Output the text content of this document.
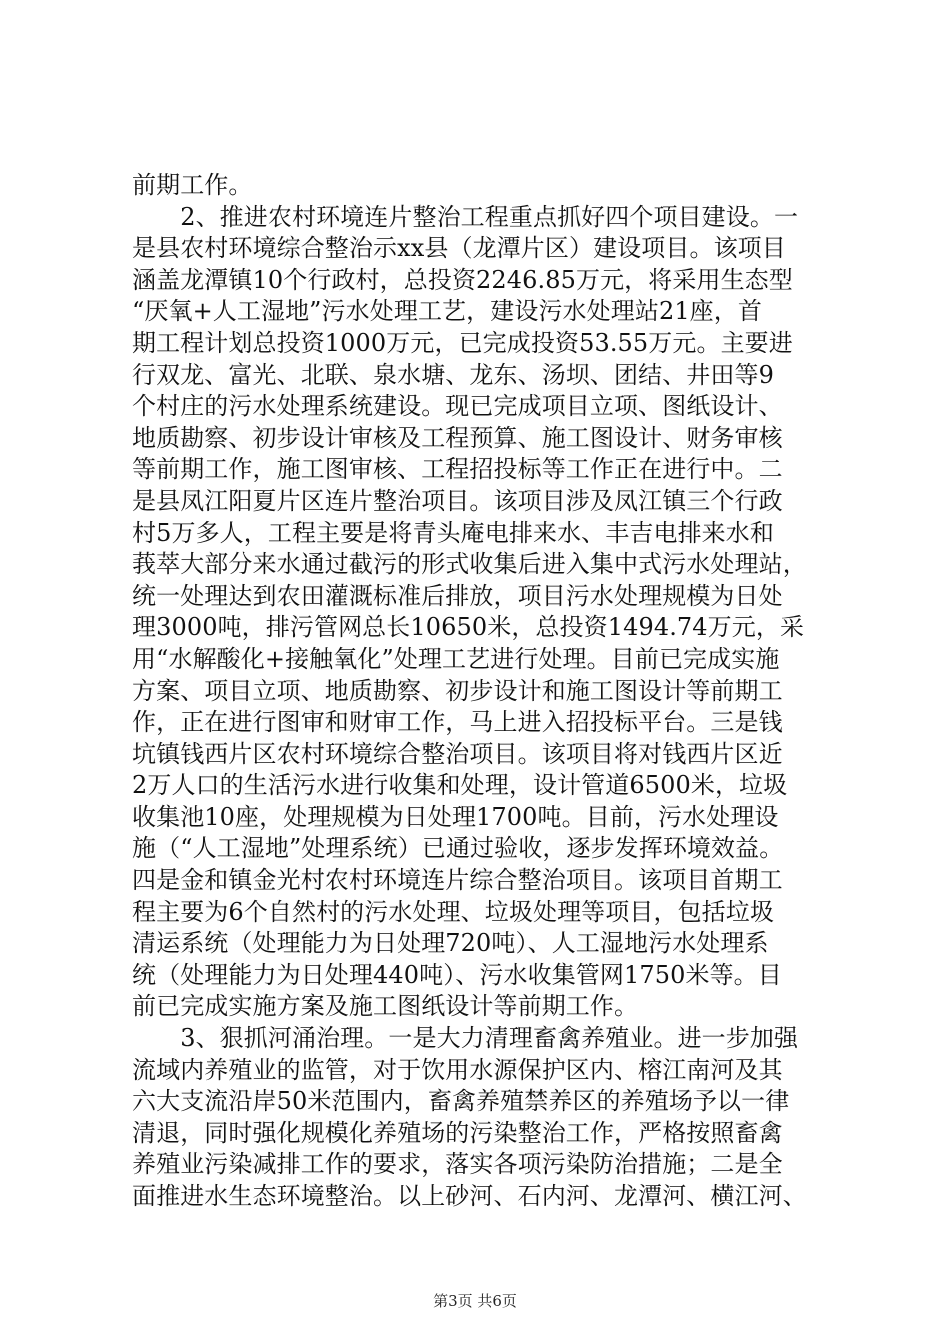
前期工作。
　　2、推进农村环境连片整治工程重点抓好四个项目建设。一
是县农村环境综合整治示xx县（龙潭片区）建设项目。该项目
涵盖龙潭镇10个行政村，总投资2246.85万元，将采用生态型
“厌氧+人工湿地”污水处理工艺，建设污水处理站21座，首
期工程计划总投资1000万元，已完成投资53.55万元。主要进
行双龙、富光、北联、泉水塘、龙东、汤坝、团结、井田等9
个村庄的污水处理系统建设。现已完成项目立项、图纸设计、
地质勘察、初步设计审核及工程预算、施工图设计、财务审核
等前期工作，施工图审核、工程招投标等工作正在进行中。二
是县凤江阳夏片区连片整治项目。该项目涉及凤江镇三个行政
村5万多人，工程主要是将青头庵电排来水、丰吉电排来水和
莪萃大部分来水通过截污的形式收集后进入集中式污水处理站，
统一处理达到农田灌溉标准后排放，项目污水处理规模为日处
理3000吨，排污管网总长10650米，总投资1494.74万元，采
用“水解酸化+接触氧化”处理工艺进行处理。目前已完成实施
方案、项目立项、地质勘察、初步设计和施工图设计等前期工
作，正在进行图审和财审工作，马上进入招投标平台。三是钱
坑镇钱西片区农村环境综合整治项目。该项目将对钱西片区近
2万人口的生活污水进行收集和处理，设计管道6500米，垃圾
收集池10座，处理规模为日处理1700吨。目前，污水处理设
施（“人工湿地”处理系统）已通过验收，逐步发挥环境效益。
四是金和镇金光村农村环境连片综合整治项目。该项目首期工
程主要为6个自然村的污水处理、垃圾处理等项目，包括垃圾
清运系统（处理能力为日处理720吨）、人工湿地污水处理系
统（处理能力为日处理440吨）、污水收集管网1750米等。目
前已完成实施方案及施工图纸设计等前期工作。
　　3、狠抓河涌治理。一是大力清理畜禽养殖业。进一步加强
流域内养殖业的监管，对于饮用水源保护区内、榕江南河及其
六大支流沿岸50米范围内，畜禽养殖禁养区的养殖场予以一律
清退，同时强化规模化养殖场的污染整治工作，严格按照畜禽
养殖业污染减排工作的要求，落实各项污染防治措施；二是全
面推进水生态环境整治。以上砂河、石内河、龙潭河、横江河、
第3页 共6页
